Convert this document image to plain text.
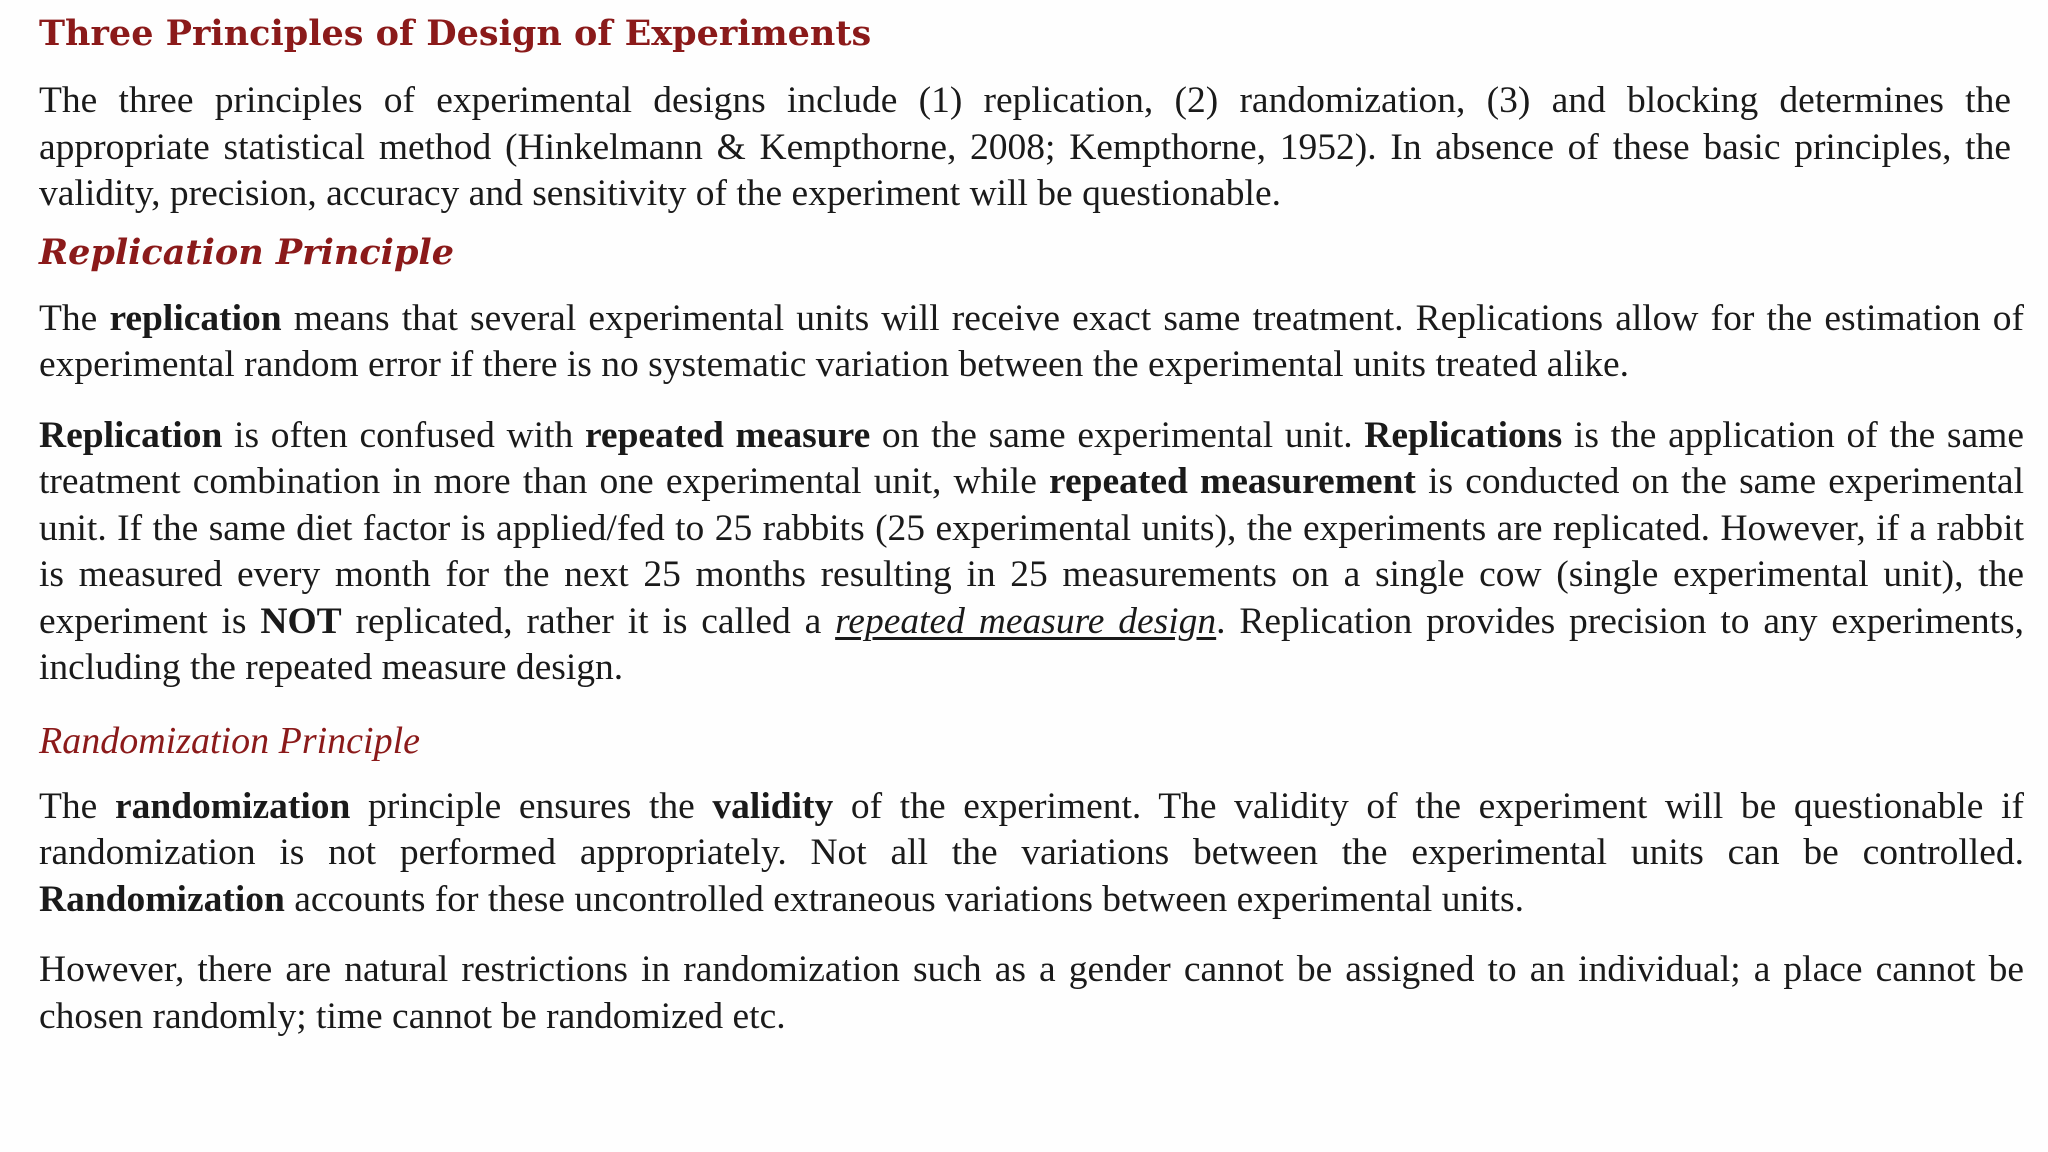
Three Principles of Design of Experiments

The three principles of experimental designs include (1) replication, (2) randomization, (3) and blocking determines the appropriate statistical method (Hinkelmann & Kempthorne, 2008; Kempthorne, 1952). In absence of these basic principles, the validity, precision, accuracy and sensitivity of the experiment will be questionable.

Replication Principle

The replication means that several experimental units will receive exact same treatment. Replications allow for the estimation of experimental random error if there is no systematic variation between the experimental units treated alike.

Replication is often confused with repeated measure on the same experimental unit. Replications is the application of the same treatment combination in more than one experimental unit, while repeated measurement is conducted on the same experimental unit. If the same diet factor is applied/fed to 25 rabbits (25 experimental units), the experiments are replicated. However, if a rabbit is measured every month for the next 25 months resulting in 25 measurements on a single cow (single experimental unit), the experiment is NOT replicated, rather it is called a repeated measure design. Replication provides precision to any experiments, including the repeated measure design.

Randomization Principle

The randomization principle ensures the validity of the experiment. The validity of the experiment will be questionable if randomization is not performed appropriately. Not all the variations between the experimental units can be controlled. Randomization accounts for these uncontrolled extraneous variations between experimental units.

However, there are natural restrictions in randomization such as a gender cannot be assigned to an individual; a place cannot be chosen randomly; time cannot be randomized etc.
